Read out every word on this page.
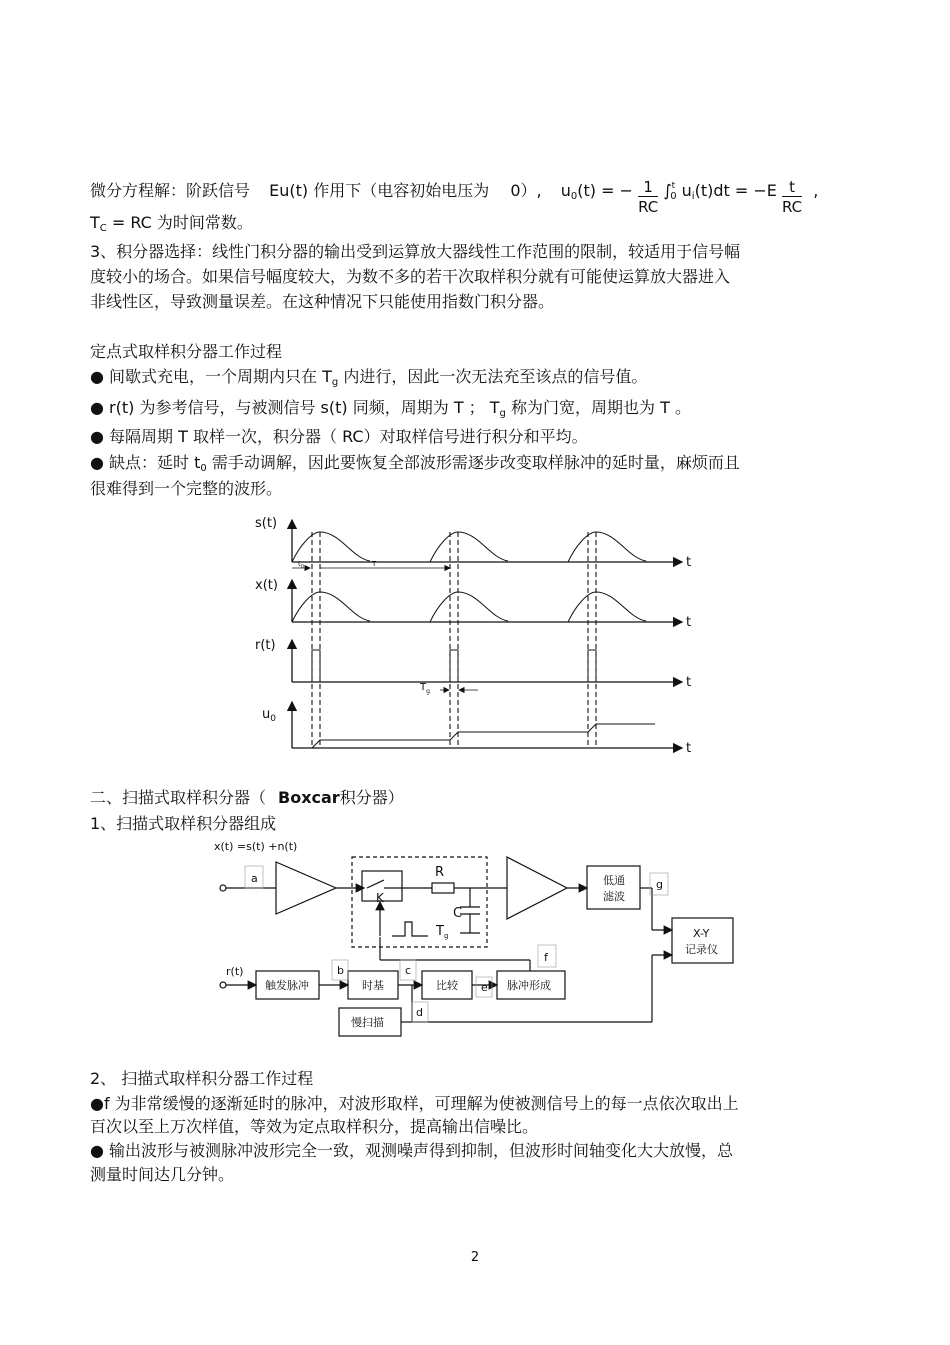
微分方程解：阶跃信号 Eu(t) 作用下（电容初始电压为 0）, $u_0(t)$ = − $\frac{1}{RC} \int^t_0$ $u_i(t)dt = -E \frac{t}{RC}$ ,
$T_C$ = RC 为时间常数。
3、积分器选择：线性门积分器的输出受到运算放大器线性工作范围的限制，较适用于信号幅
度较小的场合。如果信号幅度较大，为数不多的若干次取样积分就有可能使运算放大器进入
非线性区，导致测量误差。在这种情况下只能使用指数门积分器。
定点式取样积分器工作过程
● 间歇式充电，一个周期内只在 $T_g$ 内进行，因此一次无法充至该点的信号值。
● r(t) 为参考信号，与被测信号 s(t) 同频，周期为 T ； $T_g$ 称为门宽，周期也为 T 。
● 每隔周期 T 取样一次，积分器（ RC）对取样信号进行积分和平均。
● 缺点：延时 $t_0$ 需手动调解，因此要恢复全部波形需逐步改变取样脉冲的延时量，麻烦而且
很难得到一个完整的波形。
s(t)
x(t)
r(t)
$u_0$
t
t
t
t
$t_0$	T
$T_g$
二、扫描式取样积分器（ Boxcar积分器）
1、扫描式取样积分器组成
x(t) =s(t) +n(t)
a
b	c
d
e
f
g
R
C
K
$T_g$
低通
滤波
X-Y
记录仪
r(t)
触发脉冲	时基	比较	脉冲形成
慢扫描
2、 扫描式取样积分器工作过程
●f 为非常缓慢的逐渐延时的脉冲，对波形取样，可理解为使被测信号上的每一点依次取出上
百次以至上万次样值，等效为定点取样积分，提高输出信噪比。
● 输出波形与被测脉冲波形完全一致，观测噪声得到抑制，但波形时间轴变化大大放慢，总
测量时间达几分钟。
2
